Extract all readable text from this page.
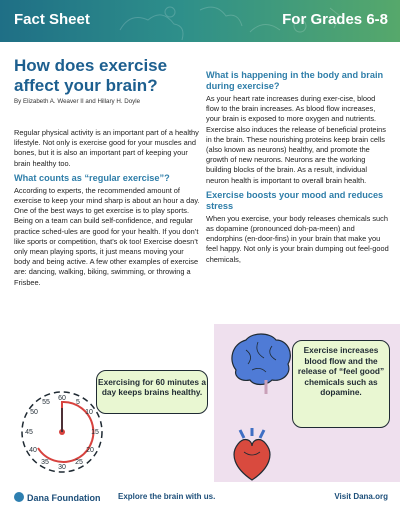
Fact Sheet	For Grades 6-8
How does exercise affect your brain?
By Elizabeth A. Weaver II and Hillary H. Doyle

Regular physical activity is an important part of a healthy lifestyle. Not only is exercise good for your muscles and bones, but it is also an important part of keeping your brain healthy too.

What counts as “regular exercise”?

According to experts, the recommended amount of exercise to keep your mind sharp is about an hour a day. One of the best ways to get exercise is to play sports. Being on a team can build self-confidence, and regular practice sched-ules are good for your health. If you don’t like sports or competition, that’s ok too! Exercise doesn’t only mean playing sports, it just means moving your body and being active. A few other examples of exercise are: dancing, walking, biking, swimming, or throwing a Frisbee.

What is happening in the body and brain during exercise?

As your heart rate increases during exer-cise, blood flow to the brain increases. As blood flow increases, your brain is exposed to more oxygen and nutrients. Exercise also induces the release of beneficial proteins in the brain. These nourishing proteins keep brain cells (also known as neurons) healthy, and promote the growth of new neurons. Neurons are the working building blocks of the brain. As a result, individual neuron health is important to overall brain health.

Exercise boosts your mood and reduces stress

When you exercise, your body releases chemicals such as dopamine (pronounced doh-pa-meen) and endorphins (en-door-fins) in your brain that make you feel happy. Not only is your brain dumping out feel-good chemicals,

60
5
10
15
20
25
30
35
40
45
50
55
Exercising for 60 minutes a day keeps brains healthy.
Exercise increases blood flow and the release of “feel good” chemicals such as dopamine.
Dana Foundation Explore the brain with us.	Visit Dana.org
